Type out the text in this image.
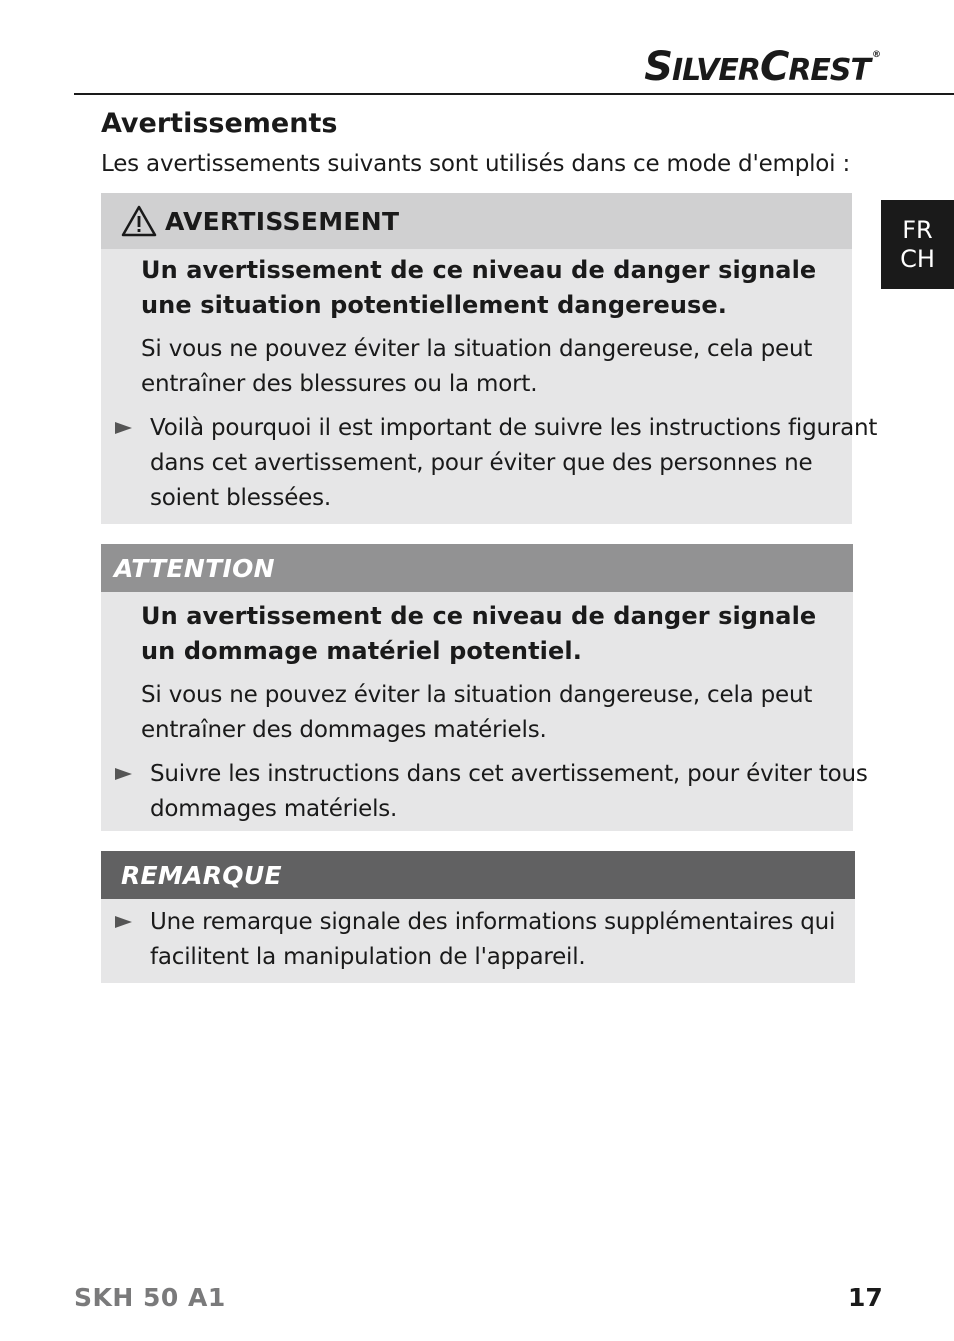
SILVERCREST ®
FR
CH
Avertissements

Les avertissements suivants sont utilisés dans ce mode d'emploi :

AVERTISSEMENT

Un avertissement de ce niveau de danger signale

une situation potentiellement dangereuse.

Si vous ne pouvez éviter la situation dangereuse, cela peut

entraîner des blessures ou la mort.

Voilà pourquoi il est important de suivre les instructions figurant

dans cet avertissement, pour éviter que des personnes ne

soient blessées.

ATTENTION

Un avertissement de ce niveau de danger signale

un dommage matériel potentiel.

Si vous ne pouvez éviter la situation dangereuse, cela peut

entraîner des dommages matériels.

Suivre les instructions dans cet avertissement, pour éviter tous

dommages matériels.

REMARQUE

Une remarque signale des informations supplémentaires qui

facilitent la manipulation de l'appareil.

SKH 50 A1	17
